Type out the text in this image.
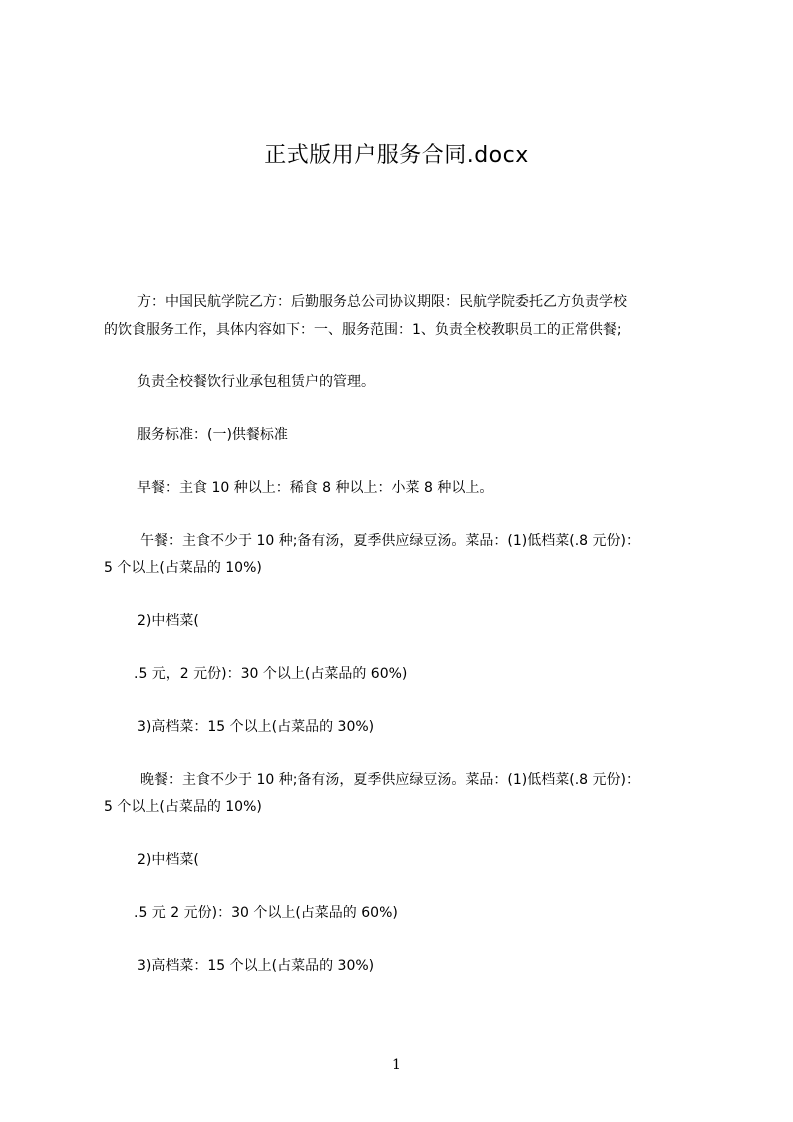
正式版用户服务合同.docx
方：中国民航学院乙方：后勤服务总公司协议期限：民航学院委托乙方负责学校
的饮食服务工作，具体内容如下：一、服务范围：1、负责全校教职员工的正常供餐;
负责全校餐饮行业承包租赁户的管理。
服务标准：(一)供餐标准
早餐：主食 10 种以上：稀食 8 种以上：小菜 8 种以上。
午餐：主食不少于 10 种;备有汤，夏季供应绿豆汤。菜品：(1)低档菜(.8 元份)：
5 个以上(占菜品的 10%)
2)中档菜(
.5 元，2 元份)：30 个以上(占菜品的 60%)
3)高档菜：15 个以上(占菜品的 30%)
晚餐：主食不少于 10 种;备有汤，夏季供应绿豆汤。菜品：(1)低档菜(.8 元份)：
5 个以上(占菜品的 10%)
2)中档菜(
.5 元 2 元份)：30 个以上(占菜品的 60%)
3)高档菜：15 个以上(占菜品的 30%)
1
